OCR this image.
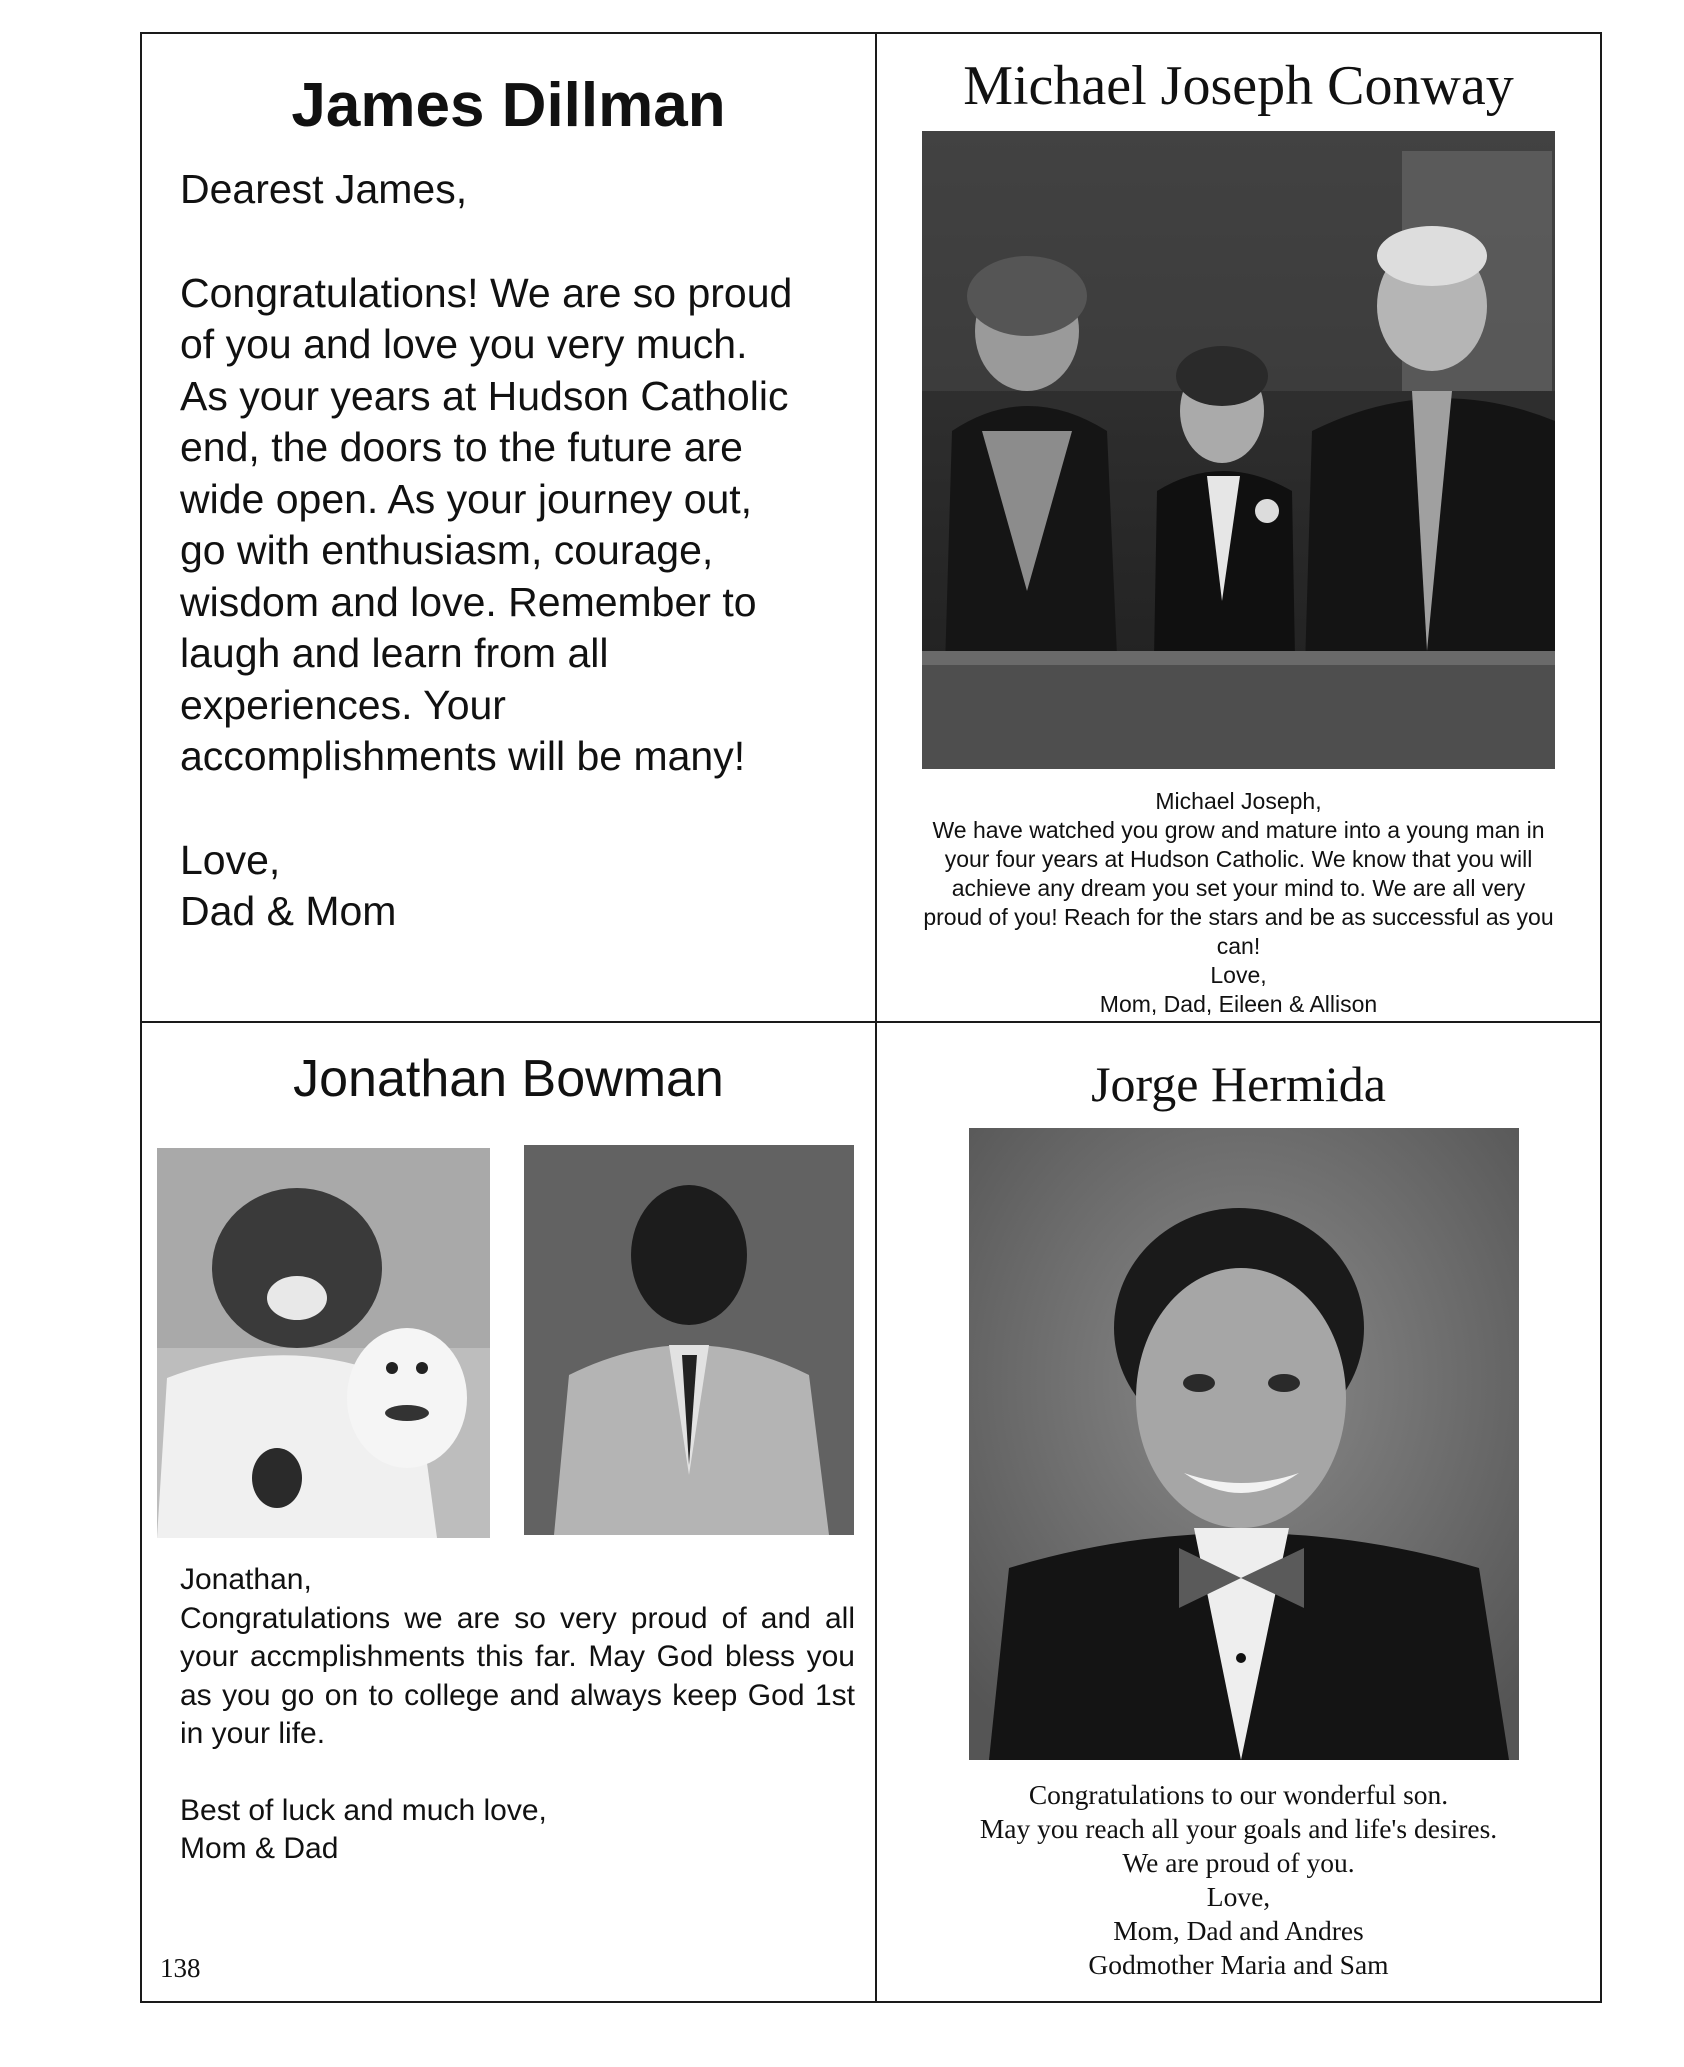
James Dillman

Dearest James,

Congratulations! We are so proud

of you and love you very much.

As your years at Hudson Catholic

end, the doors to the future are

wide open. As your journey out,

go with enthusiasm, courage,

wisdom and love. Remember to

laugh and learn from all

experiences. Your

accomplishments will be many!

Love,

Dad & Mom

Michael Joseph Conway

Michael Joseph,

We have watched you grow and mature into a young man in

your four years at Hudson Catholic. We know that you will

achieve any dream you set your mind to. We are all very

proud of you! Reach for the stars and be as successful as you

can!

Love,

Mom, Dad, Eileen & Allison

Jonathan Bowman

Jonathan,

Congratulations we are so very proud of and all your accmplishments this far. May God bless you as you go on to college and always keep God 1st in your life.

Best of luck and much love,

Mom & Dad

138
Jorge Hermida

Congratulations to our wonderful son.

May you reach all your goals and life's desires.

We are proud of you.

Love,

Mom, Dad and Andres

Godmother Maria and Sam
